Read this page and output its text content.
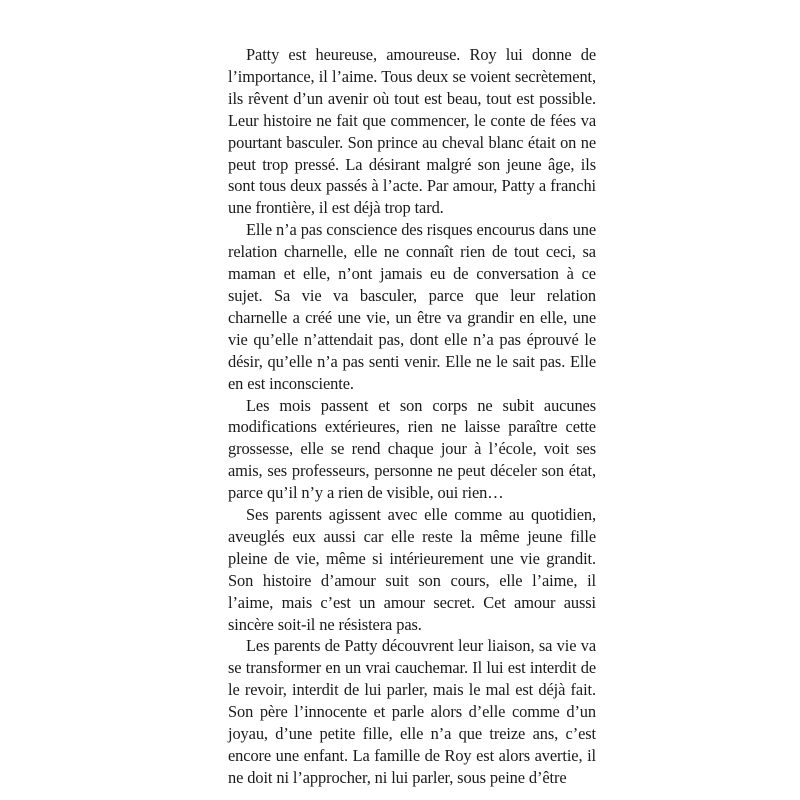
Patty est heureuse, amoureuse. Roy lui donne de l’importance, il l’aime. Tous deux se voient secrètement, ils rêvent d’un avenir où tout est beau, tout est possible. Leur histoire ne fait que commencer, le conte de fées va pourtant basculer. Son prince au cheval blanc était on ne peut trop pressé. La désirant malgré son jeune âge, ils sont tous deux passés à l’acte. Par amour, Patty a franchi une frontière, il est déjà trop tard.

Elle n’a pas conscience des risques encourus dans une relation charnelle, elle ne connaît rien de tout ceci, sa maman et elle, n’ont jamais eu de conversation à ce sujet. Sa vie va basculer, parce que leur relation charnelle a créé une vie, un être va grandir en elle, une vie qu’elle n’attendait pas, dont elle n’a pas éprouvé le désir, qu’elle n’a pas senti venir. Elle ne le sait pas. Elle en est inconsciente.

Les mois passent et son corps ne subit aucunes modifications extérieures, rien ne laisse paraître cette grossesse, elle se rend chaque jour à l’école, voit ses amis, ses professeurs, personne ne peut déceler son état, parce qu’il n’y a rien de visible, oui rien…

Ses parents agissent avec elle comme au quotidien, aveuglés eux aussi car elle reste la même jeune fille pleine de vie, même si intérieurement une vie grandit. Son histoire d’amour suit son cours, elle l’aime, il l’aime, mais c’est un amour secret. Cet amour aussi sincère soit-il ne résistera pas.

Les parents de Patty découvrent leur liaison, sa vie va se transformer en un vrai cauchemar. Il lui est interdit de le revoir, interdit de lui parler, mais le mal est déjà fait. Son père l’innocente et parle alors d’elle comme d’un joyau, d’une petite fille, elle n’a que treize ans, c’est encore une enfant. La famille de Roy est alors avertie, il ne doit ni l’approcher, ni lui parler, sous peine d’être
